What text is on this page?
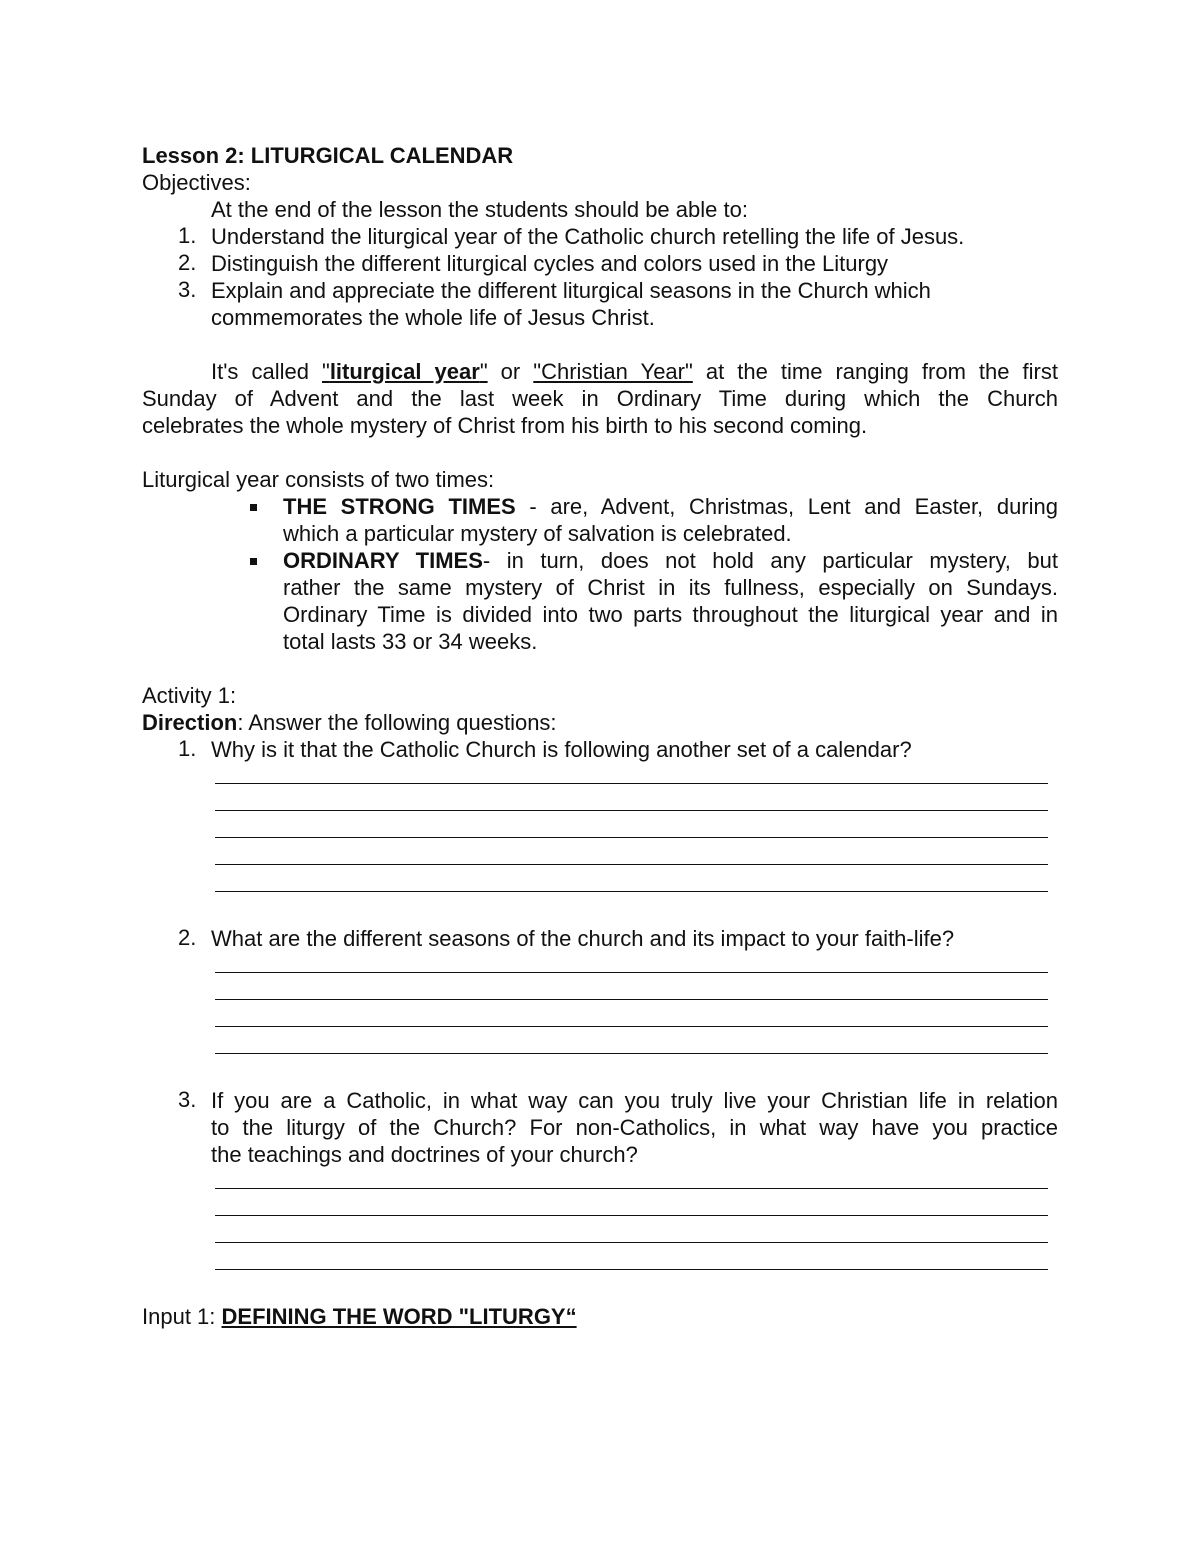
Lesson 2: LITURGICAL CALENDAR
Objectives:
At the end of the lesson the students should be able to:
1. Understand the liturgical year of the Catholic church retelling the life of Jesus.
2. Distinguish the different liturgical cycles and colors used in the Liturgy
3. Explain and appreciate the different liturgical seasons in the Church which
commemorates the whole life of Jesus Christ.
It's called "liturgical year" or "Christian Year" at the time ranging from the first
Sunday of Advent and the last week in Ordinary Time during which the Church
celebrates the whole mystery of Christ from his birth to his second coming.
Liturgical year consists of two times:
THE STRONG TIMES - are, Advent, Christmas, Lent and Easter, during
which a particular mystery of salvation is celebrated.
ORDINARY TIMES- in turn, does not hold any particular mystery, but
rather the same mystery of Christ in its fullness, especially on Sundays.
Ordinary Time is divided into two parts throughout the liturgical year and in
total lasts 33 or 34 weeks.
Activity 1:
Direction: Answer the following questions:
1. Why is it that the Catholic Church is following another set of a calendar?
2. What are the different seasons of the church and its impact to your faith-life?
3. If you are a Catholic, in what way can you truly live your Christian life in relation
to the liturgy of the Church? For non-Catholics, in what way have you practice
the teachings and doctrines of your church?
Input 1: DEFINING THE WORD "LITURGY“
